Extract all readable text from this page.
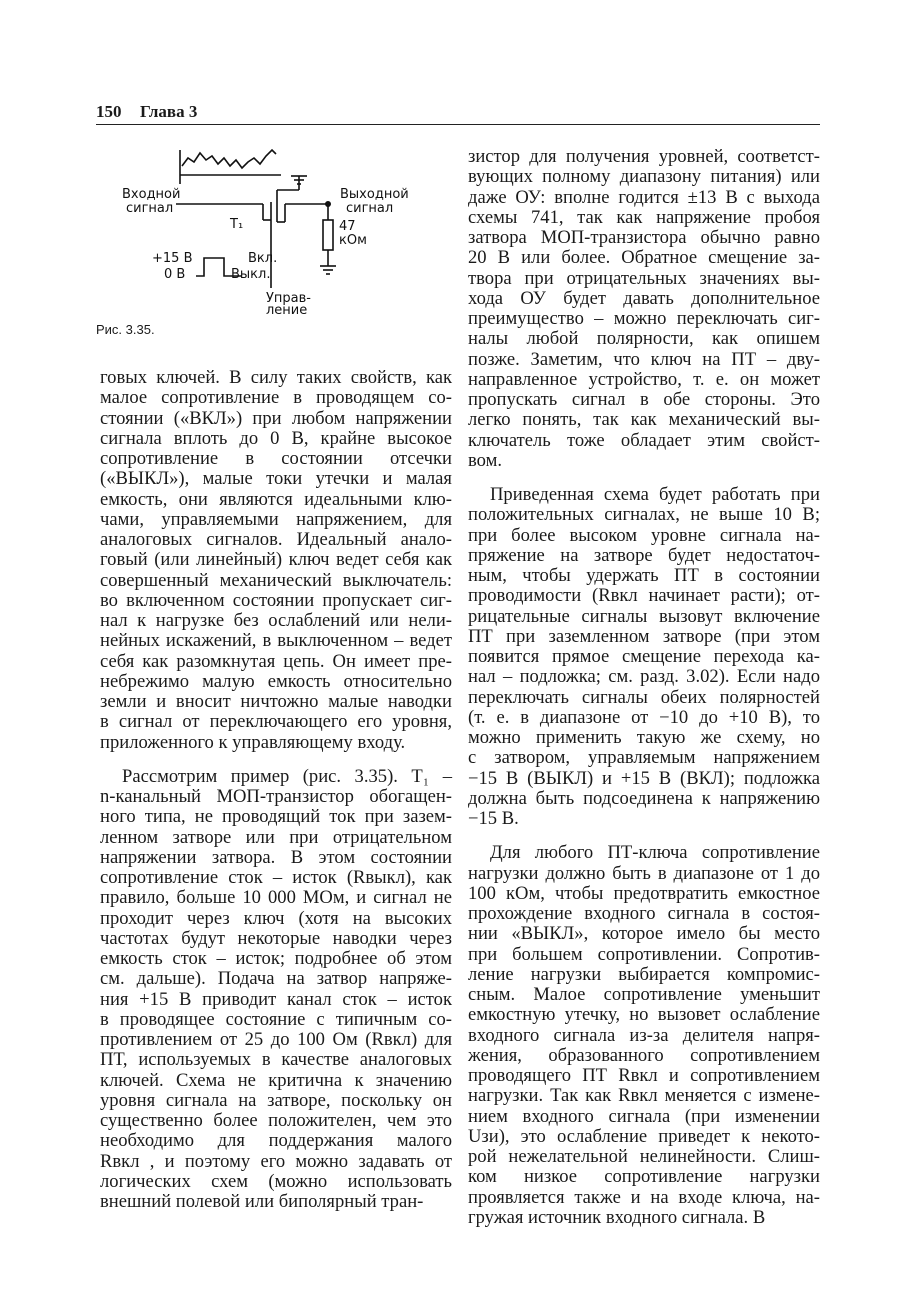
150 Глава 3
Входной
сигнал
Выходной
сигнал
T₁	47
кОм
+15 В
0 В
Вкл.
Выкл.
Управ-
ление
Рис. 3.35.

говых ключей. В силу таких свойств, как
малое сопротивление в проводящем со-
стоянии («ВКЛ») при любом напряжении
сигнала вплоть до 0 В, крайне высокое
сопротивление в состоянии отсечки
(«ВЫКЛ»), малые токи утечки и малая
емкость, они являются идеальными клю-
чами, управляемыми напряжением, для
аналоговых сигналов. Идеальный анало-
говый (или линейный) ключ ведет себя как
совершенный механический выключатель:
во включенном состоянии пропускает сиг-
нал к нагрузке без ослаблений или нели-
нейных искажений, в выключенном – ведет
себя как разомкнутая цепь. Он имеет пре-
небрежимо малую емкость относительно
земли и вносит ничтожно малые наводки
в сигнал от переключающего его уровня,
приложенного к управляющему входу.

Рассмотрим пример (рис. 3.35). T₁ –
n-канальный МОП-транзистор обогащен-
ного типа, не проводящий ток при зазем-
ленном затворе или при отрицательном
напряжении затвора. В этом состоянии
сопротивление сток – исток (Rвыкл), как
правило, больше 10 000 МОм, и сигнал не
проходит через ключ (хотя на высоких
частотах будут некоторые наводки через
емкость сток – исток; подробнее об этом
см. дальше). Подача на затвор напряже-
ния +15 В приводит канал сток – исток
в проводящее состояние с типичным со-
противлением от 25 до 100 Ом (Rвкл) для
ПТ, используемых в качестве аналоговых
ключей. Схема не критична к значению
уровня сигнала на затворе, поскольку он
существенно более положителен, чем это
необходимо для поддержания малого
Rвкл , и поэтому его можно задавать от
логических схем (можно использовать
внешний полевой или биполярный тран-

зистор для получения уровней, соответст-
вующих полному диапазону питания) или
даже ОУ: вполне годится ±13 В с выхода
схемы 741, так как напряжение пробоя
затвора МОП-транзистора обычно равно
20 В или более. Обратное смещение за-
твора при отрицательных значениях вы-
хода ОУ будет давать дополнительное
преимущество – можно переключать сиг-
налы любой полярности, как опишем
позже. Заметим, что ключ на ПТ – дву-
направленное устройство, т. е. он может
пропускать сигнал в обе стороны. Это
легко понять, так как механический вы-
ключатель тоже обладает этим свойст-
вом.

Приведенная схема будет работать при
положительных сигналах, не выше 10 В;
при более высоком уровне сигнала на-
пряжение на затворе будет недостаточ-
ным, чтобы удержать ПТ в состоянии
проводимости (Rвкл начинает расти); от-
рицательные сигналы вызовут включение
ПТ при заземленном затворе (при этом
появится прямое смещение перехода ка-
нал – подложка; см. разд. 3.02). Если надо
переключать сигналы обеих полярностей
(т. е. в диапазоне от −10 до +10 В), то
можно применить такую же схему, но
с затвором, управляемым напряжением
−15 В (ВЫКЛ) и +15 В (ВКЛ); подложка
должна быть подсоединена к напряжению
−15 В.

Для любого ПТ-ключа сопротивление
нагрузки должно быть в диапазоне от 1 до
100 кОм, чтобы предотвратить емкостное
прохождение входного сигнала в состоя-
нии «ВЫКЛ», которое имело бы место
при большем сопротивлении. Сопротив-
ление нагрузки выбирается компромис-
сным. Малое сопротивление уменьшит
емкостную утечку, но вызовет ослабление
входного сигнала из-за делителя напря-
жения, образованного сопротивлением
проводящего ПТ Rвкл и сопротивлением
нагрузки. Так как Rвкл меняется с измене-
нием входного сигнала (при изменении
Uзи), это ослабление приведет к некото-
рой нежелательной нелинейности. Слиш-
ком низкое сопротивление нагрузки
проявляется также и на входе ключа, на-
гружая источник входного сигнала. В
